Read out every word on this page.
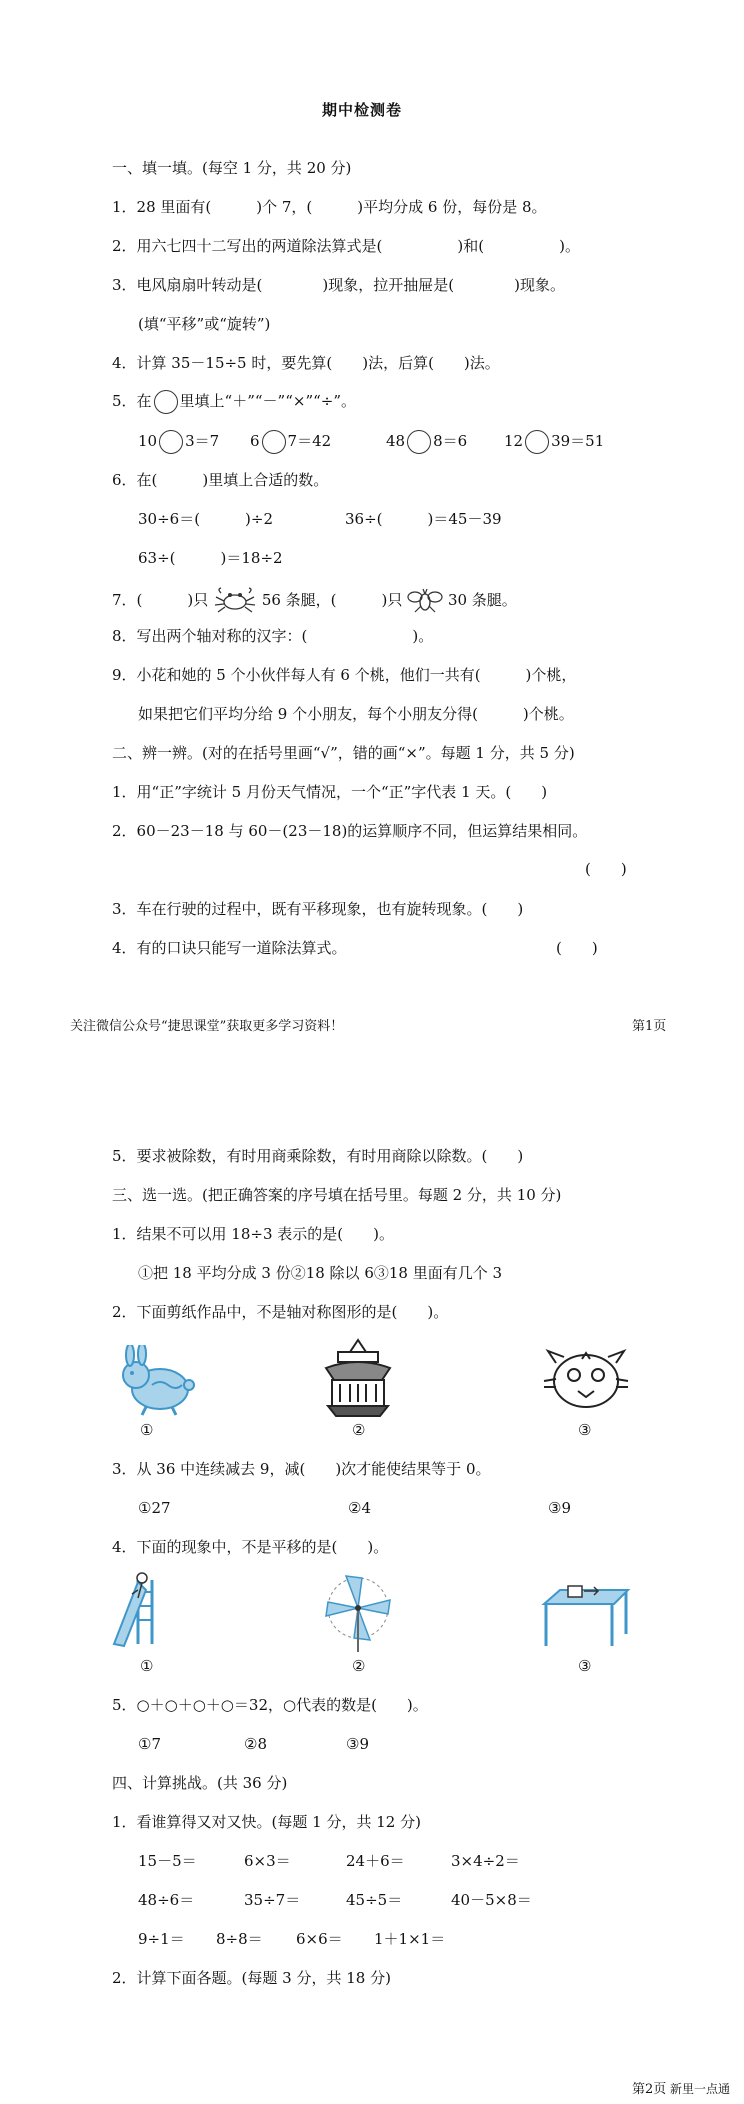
期中检测卷
一、填一填。(每空 1 分，共 20 分)
1．28 里面有(　　　)个 7，(　　　)平均分成 6 份，每份是 8。
2．用六七四十二写出的两道除法算式是(　　　　　)和(　　　　　)。
3．电风扇扇叶转动是(　　　　)现象，拉开抽屉是(　　　　)现象。
(填“平移”或“旋转”)
4．计算 35－15÷5 时，要先算(　　)法，后算(　　)法。
5．在 里填上“＋”“－”“×”“÷”。
10 3＝7 6 7＝42	48 8＝6 12 39＝51
6．在(　　　)里填上合适的数。
30÷6＝(　　　)÷2	36÷(　　　)＝45－39
63÷(　　　)＝18÷2
7．(　　　)只	56 条腿，(　　　)只	30 条腿。
8．写出两个轴对称的汉字：(　　　　　　　)。
9．小花和她的 5 个小伙伴每人有 6 个桃，他们一共有(　　　)个桃，
如果把它们平均分给 9 个小朋友，每个小朋友分得(　　　)个桃。
二、辨一辨。(对的在括号里画“√”，错的画“×”。每题 1 分，共 5 分)
1．用“正”字统计 5 月份天气情况，一个“正”字代表 1 天。(　　)
2．60－23－18 与 60－(23－18)的运算顺序不同，但运算结果相同。
(　　)
3．车在行驶的过程中，既有平移现象，也有旋转现象。(　　)
4．有的口诀只能写一道除法算式。	(　　)
关注微信公众号“捷思课堂”获取更多学习资料！	第1页
5．要求被除数，有时用商乘除数，有时用商除以除数。(　　)
三、选一选。(把正确答案的序号填在括号里。每题 2 分，共 10 分)
1．结果不可以用 18÷3 表示的是(　　)。
①把 18 平均分成 3 份②18 除以 6③18 里面有几个 3
2．下面剪纸作品中，不是轴对称图形的是(　　)。
①	②	③
3．从 36 中连续减去 9，减(　　)次才能使结果等于 0。
①27	②4	③9
4．下面的现象中，不是平移的是(　　)。
①	②	③
5．○＋○＋○＋○＝32，○代表的数是(　　)。
①7	②8	③9
四、计算挑战。(共 36 分)
1．看谁算得又对又快。(每题 1 分，共 12 分)
15－5＝	6×3＝	24＋6＝	3×4÷2＝
48÷6＝	35÷7＝	45÷5＝	40－5×8＝
9÷1＝ 8÷8＝ 6×6＝ 1＋1×1＝
2．计算下面各题。(每题 3 分，共 18 分)
第2页 新里一点通
